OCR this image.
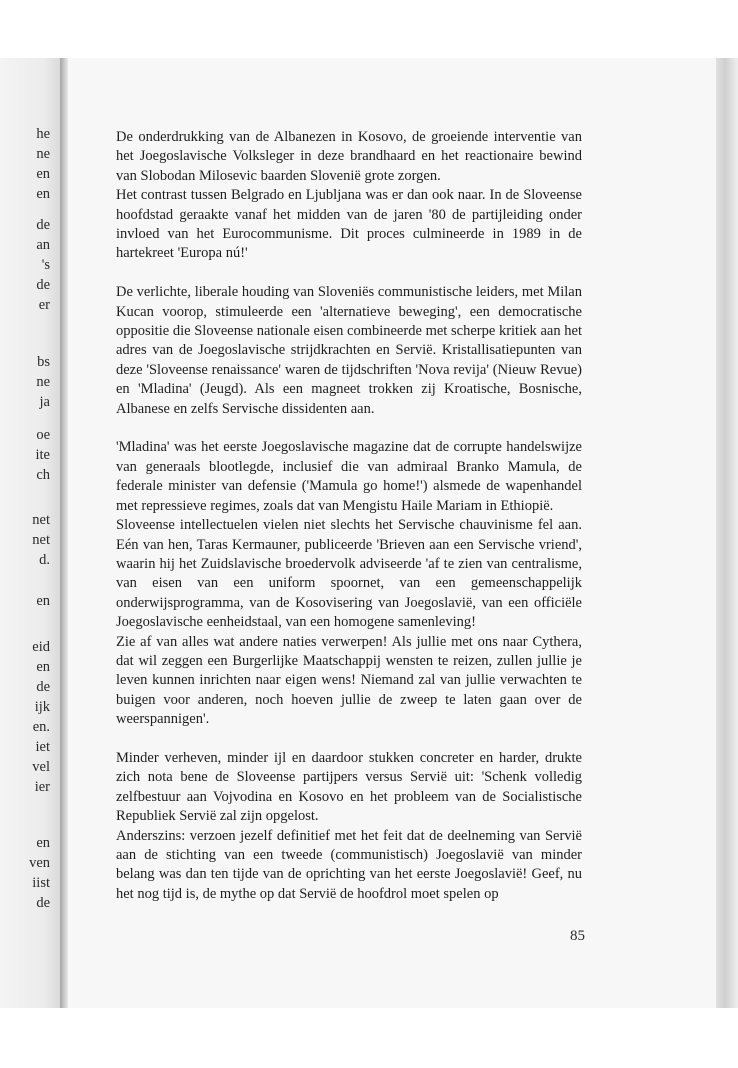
he
ne
en
en
de
an
's
de
er
bs
ne
ja
oe
ite
ch
net
net
d.
en
eid
en
de
ijk
en.
iet
vel
ier
en
ven
iist
de

De onderdrukking van de Albanezen in Kosovo, de groeiende interventie van het Joegoslavische Volksleger in deze brandhaard en het reactionaire bewind van Slobodan Milosevic baarden Slovenië grote zorgen.

Het contrast tussen Belgrado en Ljubljana was er dan ook naar. In de Sloveense hoofdstad geraakte vanaf het midden van de jaren '80 de partijleiding onder invloed van het Eurocommunisme. Dit proces culmineerde in 1989 in de hartekreet 'Europa nú!'

De verlichte, liberale houding van Sloveniës communistische leiders, met Milan Kucan voorop, stimuleerde een 'alternatieve beweging', een democratische oppositie die Sloveense nationale eisen combineerde met scherpe kritiek aan het adres van de Joegoslavische strijdkrachten en Servië. Kristallisatiepunten van deze 'Sloveense renaissance' waren de tijdschriften 'Nova revija' (Nieuw Revue) en 'Mladina' (Jeugd). Als een magneet trokken zij Kroatische, Bosnische, Albanese en zelfs Servische dissidenten aan.

'Mladina' was het eerste Joegoslavische magazine dat de corrupte handelswijze van generaals blootlegde, inclusief die van admiraal Branko Mamula, de federale minister van defensie ('Mamula go home!') alsmede de wapenhandel met repressieve regimes, zoals dat van Mengistu Haile Mariam in Ethiopië.

Sloveense intellectuelen vielen niet slechts het Servische chauvinisme fel aan. Eén van hen, Taras Kermauner, publiceerde 'Brieven aan een Servische vriend', waarin hij het Zuidslavische broedervolk adviseerde 'af te zien van centralisme, van eisen van een uniform spoornet, van een gemeenschappelijk onderwijsprogramma, van de Kosovisering van Joegoslavië, van een officiële Joegoslavische eenheidstaal, van een homogene samenleving!

Zie af van alles wat andere naties verwerpen! Als jullie met ons naar Cythera, dat wil zeggen een Burgerlijke Maatschappij wensten te reizen, zullen jullie je leven kunnen inrichten naar eigen wens! Niemand zal van jullie verwachten te buigen voor anderen, noch hoeven jullie de zweep te laten gaan over de weerspannigen'.

Minder verheven, minder ijl en daardoor stukken concreter en harder, drukte zich nota bene de Sloveense partijpers versus Servië uit: 'Schenk volledig zelfbestuur aan Vojvodina en Kosovo en het probleem van de Socialistische Republiek Servië zal zijn opgelost.

Anderszins: verzoen jezelf definitief met het feit dat de deelneming van Servië aan de stichting van een tweede (communistisch) Joegoslavië van minder belang was dan ten tijde van de oprichting van het eerste Joegoslavië! Geef, nu het nog tijd is, de mythe op dat Servië de hoofdrol moet spelen op

85
